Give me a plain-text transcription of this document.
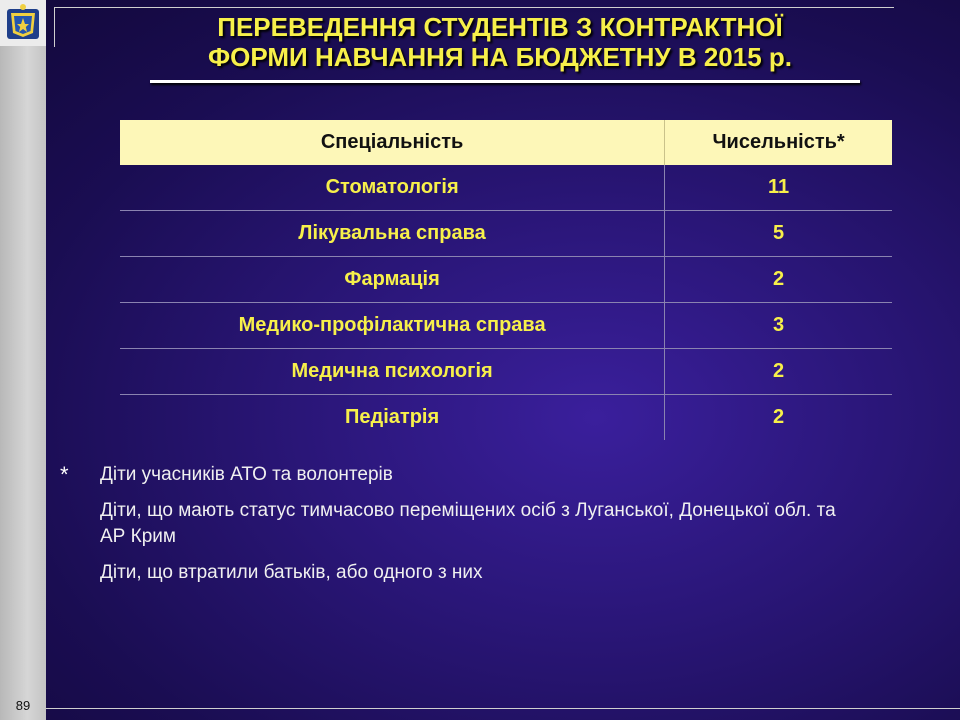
89
ПЕРЕВЕДЕННЯ СТУДЕНТІВ З КОНТРАКТНОЇ
ФОРМИ НАВЧАННЯ НА БЮДЖЕТНУ В 2015 р.
Спеціальність	Чисельність*
Стоматологія	11
Лікувальна справа	5
Фармація	2
Медико-профілактична справа	3
Медична психологія	2
Педіатрія	2
* Діти учасників АТО та волонтерів
Діти, що мають статус тимчасово переміщених осіб з Луганської, Донецької обл. та АР Крим
Діти, що втратили батьків, або одного з них
